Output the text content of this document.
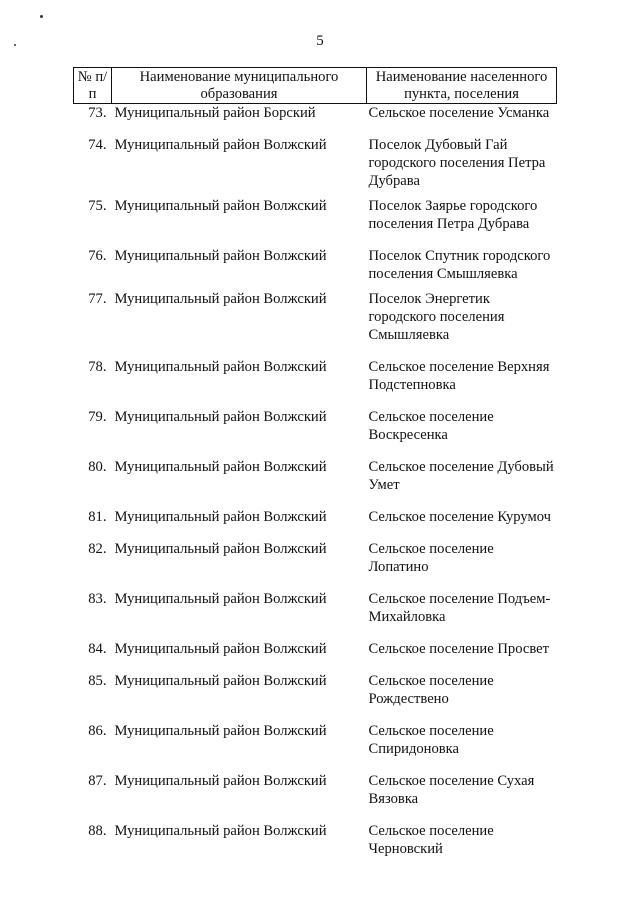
5
№ п/п	Наименование муниципального образования	Наименование населенного пункта, поселения
73.	Муниципальный район Борский	Сельское поселение Усманка
74.	Муниципальный район Волжский	Поселок Дубовый Гай городского поселения Петра Дубрава
75.	Муниципальный район Волжский	Поселок Заярье городского поселения Петра Дубрава
76.	Муниципальный район Волжский	Поселок Спутник городского поселения Смышляевка
77.	Муниципальный район Волжский	Поселок Энергетик городского поселения Смышляевка
78.	Муниципальный район Волжский	Сельское поселение Верхняя Подстепновка
79.	Муниципальный район Волжский	Сельское поселение Воскресенка
80.	Муниципальный район Волжский	Сельское поселение Дубовый Умет
81.	Муниципальный район Волжский	Сельское поселение Курумоч
82.	Муниципальный район Волжский	Сельское поселение Лопатино
83.	Муниципальный район Волжский	Сельское поселение Подъем-Михайловка
84.	Муниципальный район Волжский	Сельское поселение Просвет
85.	Муниципальный район Волжский	Сельское поселение Рождествено
86.	Муниципальный район Волжский	Сельское поселение Спиридоновка
87.	Муниципальный район Волжский	Сельское поселение Сухая Вязовка
88.	Муниципальный район Волжский	Сельское поселение Черновский
